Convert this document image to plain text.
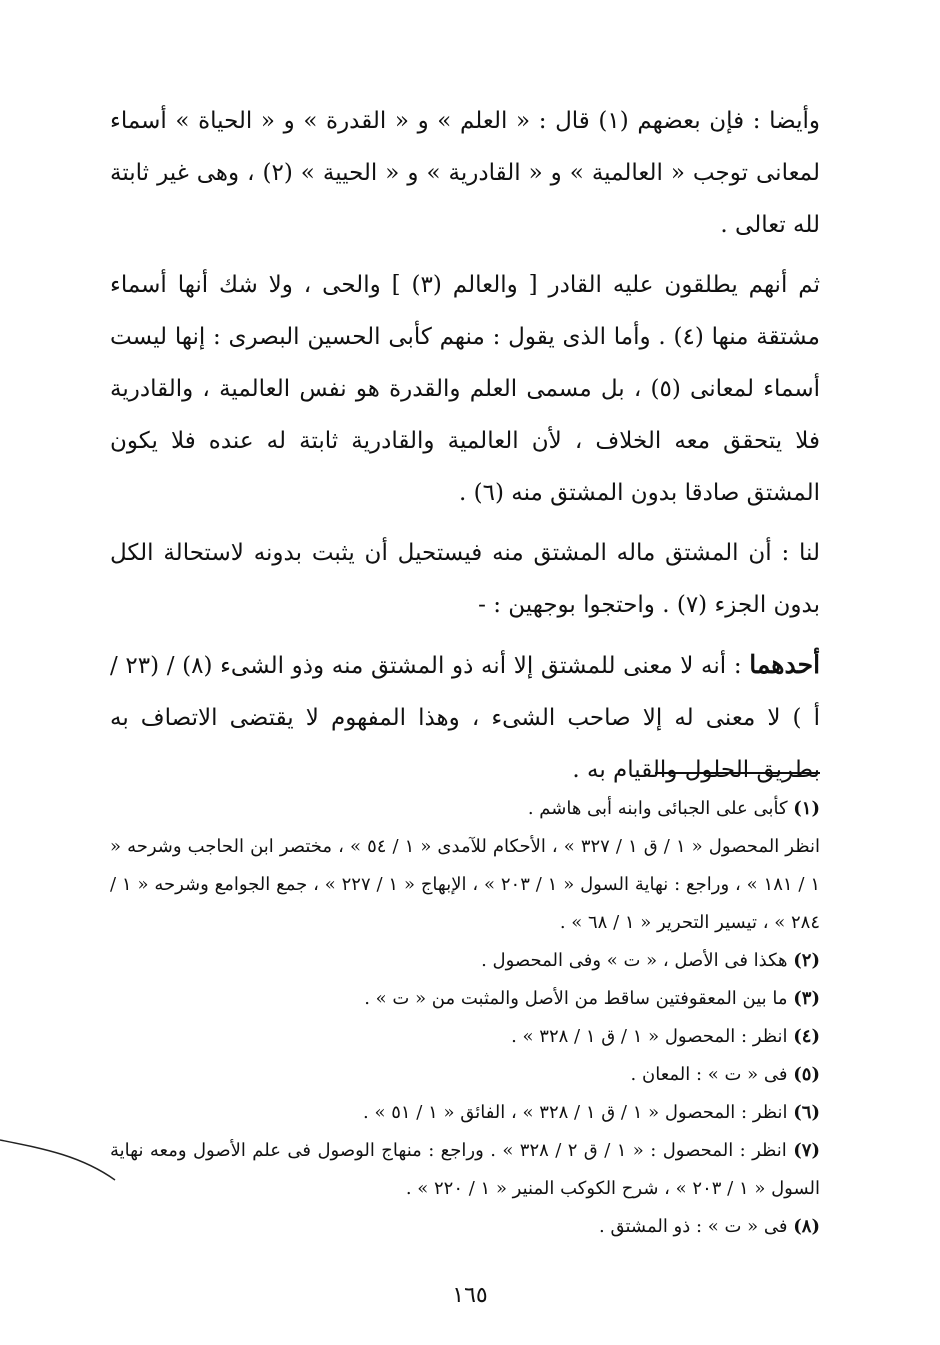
وأيضا : فإن بعضهم (١) قال : « العلم » و « القدرة » و « الحياة » أسماء لمعانى توجب « العالمية » و « القادرية » و « الحيية » (٢) ، وهى غير ثابتة لله تعالى .

ثم أنهم يطلقون عليه القادر [ والعالم (٣) ] والحى ، ولا شك أنها أسماء مشتقة منها (٤) . وأما الذى يقول : منهم كأبى الحسين البصرى : إنها ليست أسماء لمعانى (٥) ، بل مسمى العلم والقدرة هو نفس العالمية ، والقادرية فلا يتحقق معه الخلاف ، لأن العالمية والقادرية ثابتة له عنده فلا يكون المشتق صادقا بدون المشتق منه (٦) .

لنا : أن المشتق ماله المشتق منه فيستحيل أن يثبت بدونه لاستحالة الكل بدون الجزء (٧) . واحتجوا بوجهين : -

أحدهما : أنه لا معنى للمشتق إلا أنه ذو المشتق منه وذو الشىء (٨) / (٢٣ / أ ) لا معنى له إلا صاحب الشىء ، وهذا المفهوم لا يقتضى الاتصاف به بطريق الحلول والقيام به .

(١) كأبى على الجبائى وابنه أبى هاشم .

انظر المحصول « ١ / ق ١ / ٣٢٧ » ، الأحكام للآمدى « ١ / ٥٤ » ، مختصر ابن الحاجب وشرحه « ١ / ١٨١ » ، وراجع : نهاية السول « ١ / ٢٠٣ » ، الإبهاج « ١ / ٢٢٧ » ، جمع الجوامع وشرحه « ١ / ٢٨٤ » ، تيسير التحرير « ١ / ٦٨ » .

(٢) هكذا فى الأصل ، « ت » وفى المحصول .

(٣) ما بين المعقوفتين ساقط من الأصل والمثبت من « ت » .

(٤) انظر : المحصول « ١ / ق ١ / ٣٢٨ » .

(٥) فى « ت » : المعان .

(٦) انظر : المحصول « ١ / ق ١ / ٣٢٨ » ، الفائق « ١ / ٥١ » .

(٧) انظر : المحصول : « ١ / ق ٢ / ٣٢٨ » . وراجع : منهاج الوصول فى علم الأصول ومعه نهاية السول « ١ / ٢٠٣ » ، شرح الكوكب المنير « ١ / ٢٢٠ » .

(٨) فى « ت » : ذو المشتق .

١٦٥
